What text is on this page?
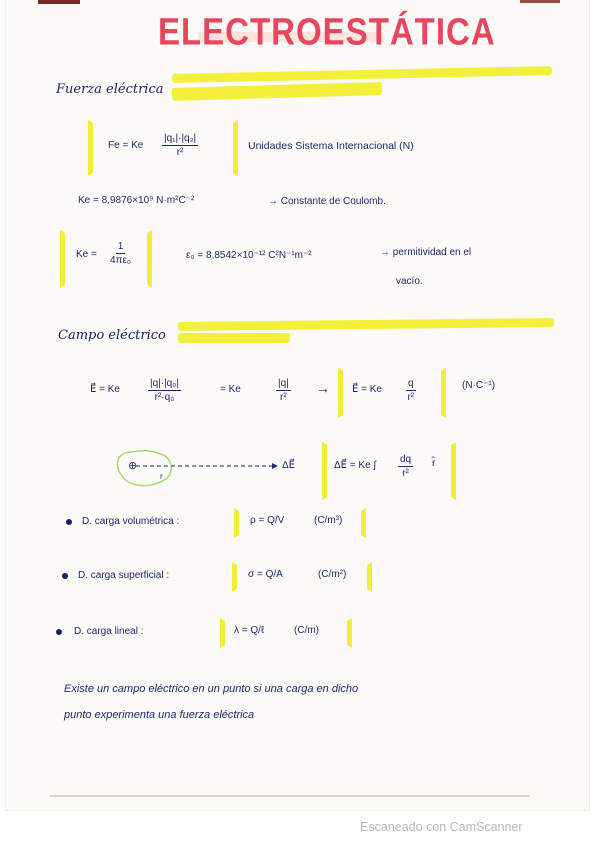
ELECTROESTÁTICA
Fuerza eléctrica
Fe = Ke $\frac{\text{|q₁|·|q₂|}}{\text{r²}}$	Unidades Sistema Internacional (N)
Ke = 8,9876×10⁹ N·m²C⁻²	→ Constante de Coulomb.
$Ke = \frac{1}{\text{4πε₀}}$	ε₀ = 8,8542×10⁻¹² C²N⁻¹m⁻²	→ permitividad en el
vacío.
Campo eléctrico
E⃗ = Ke	$\frac{\text{|q|·|q₀|}}{\text{r²·q₀}}$	= Ke	$\frac{|q|}{\text{r²}}$ → E⃗ = Ke $\frac{q}{\text{r²}}$	(N·C⁻¹)
⊕
r
ΔE⃗	ΔE⃗ = Ke ∫ $\frac{dq}{\text{r²}}$ r̂
D. carga volumétrica :	ρ = Q/V	(C/m³)
D. carga superficial :	σ = Q/A	(C/m²)
D. carga lineal :	λ = Q/ℓ	(C/m)
Existe un campo eléctrico en un punto si una carga en dicho
punto experimenta una fuerza eléctrica
Escaneado con CamScanner
